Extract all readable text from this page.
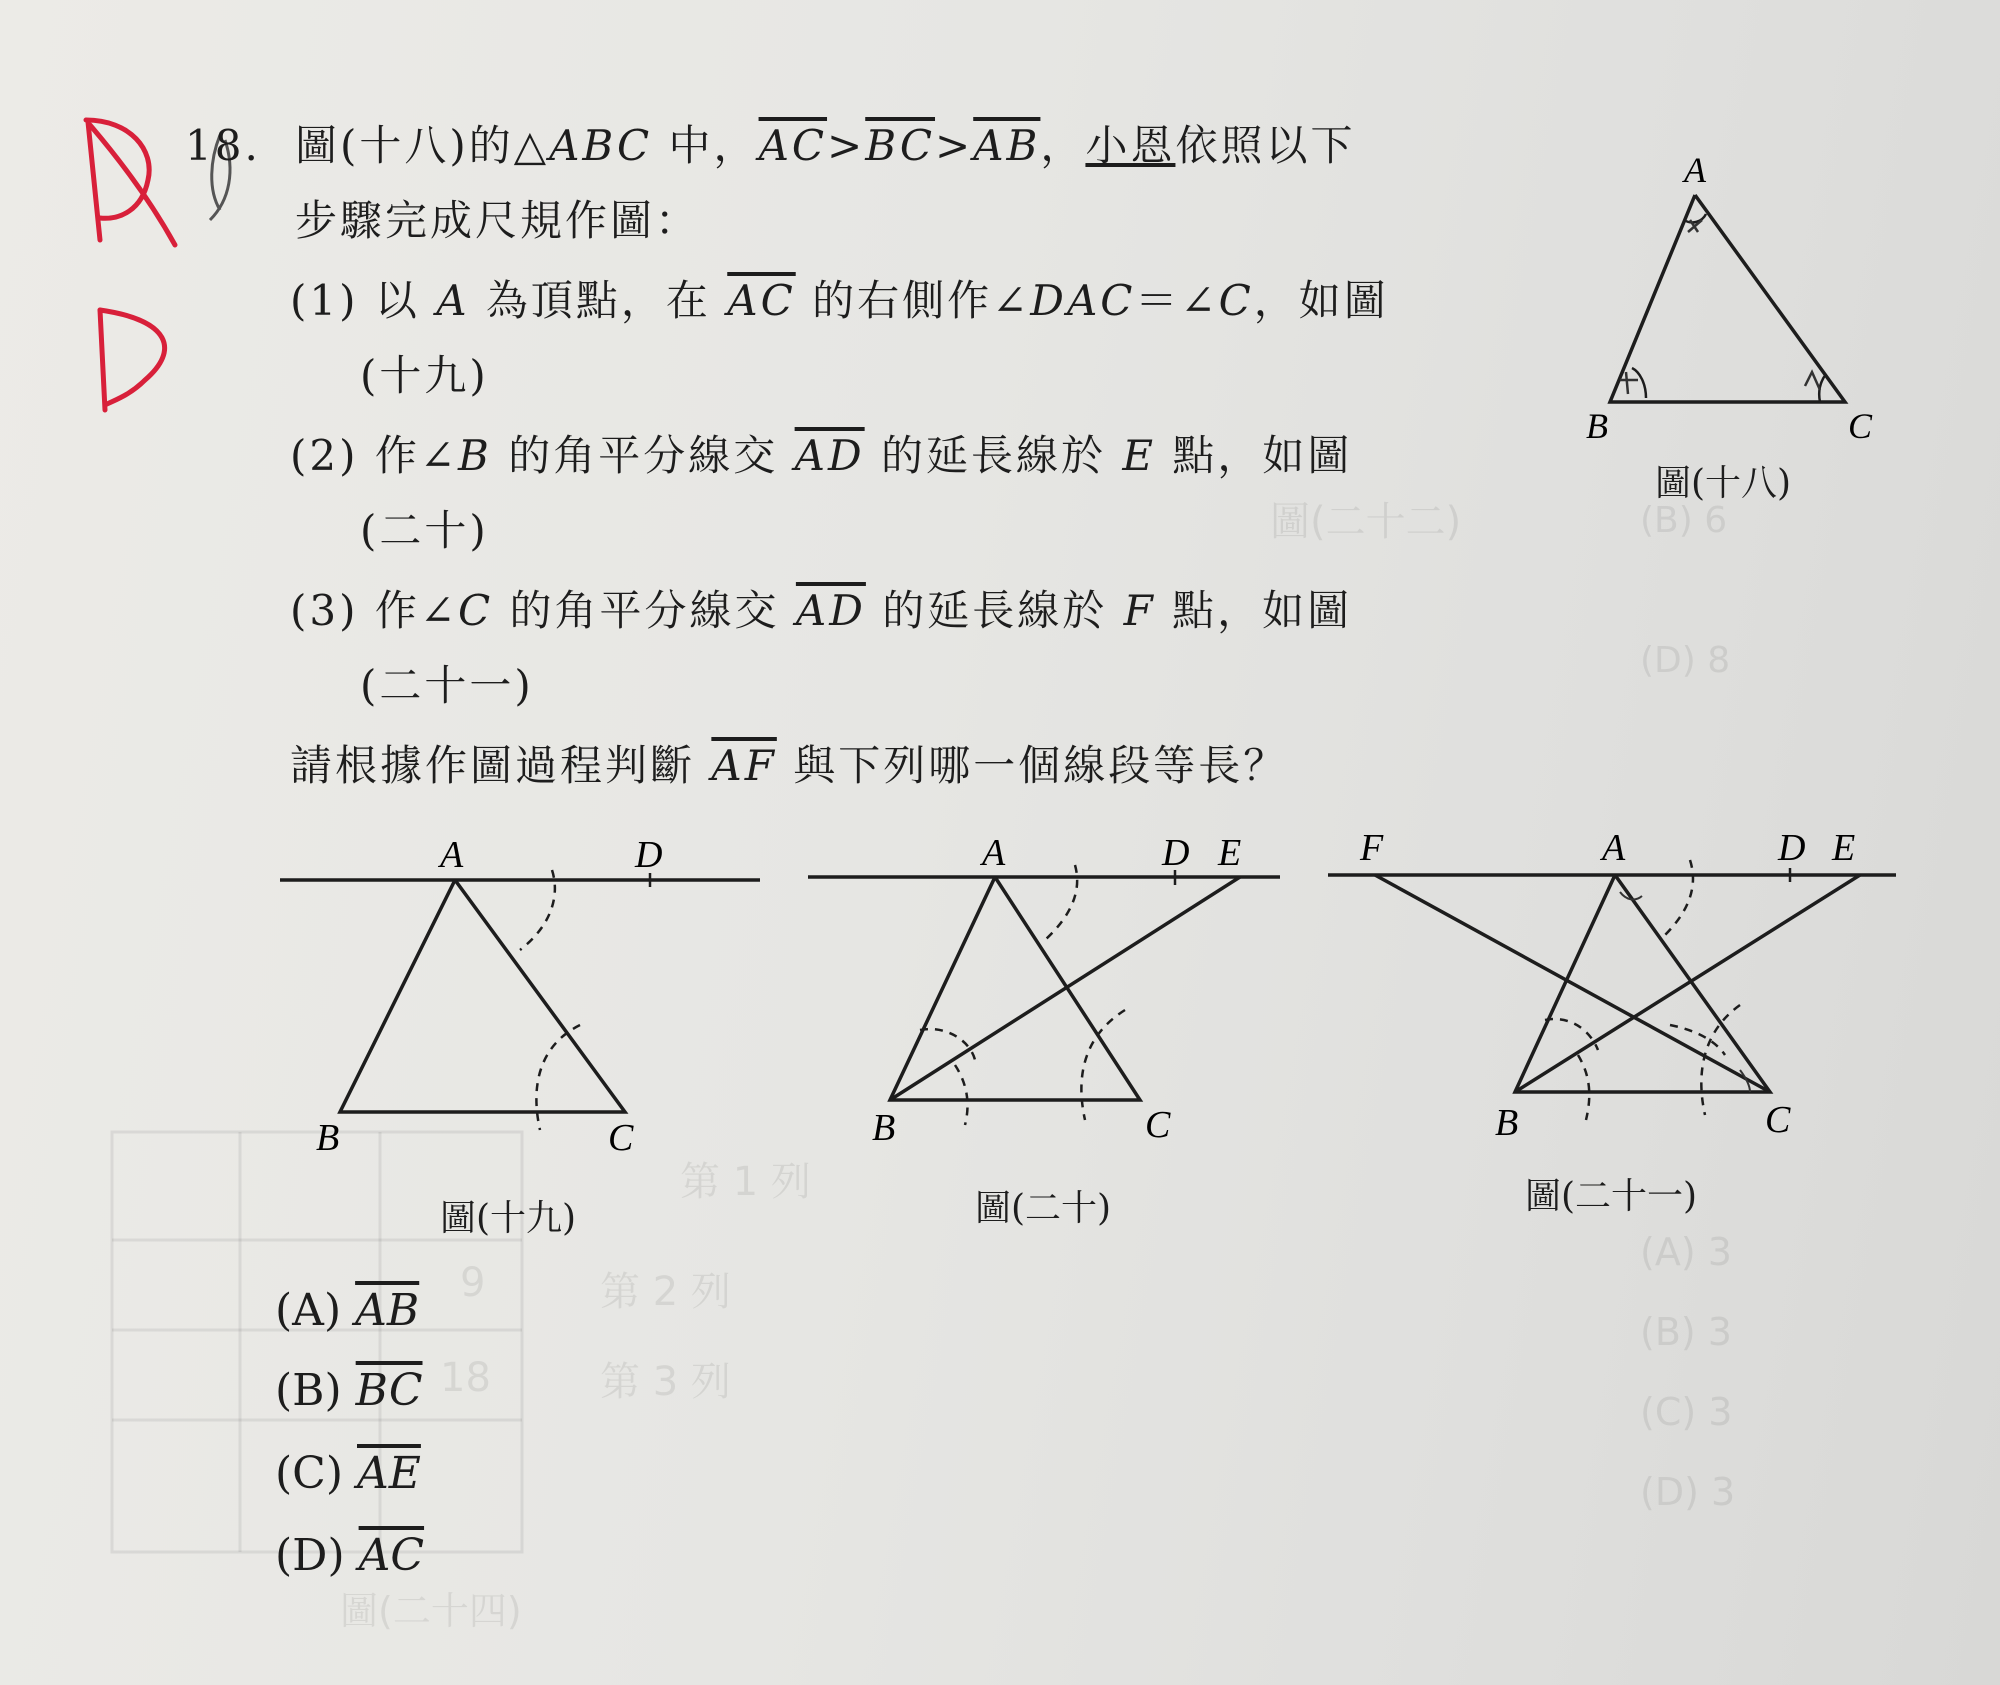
圖(二十二)	(B) 6
(D) 8
第 1 列
第 2 列
第 3 列
(A) 3
(B) 3
(C) 3
(D) 3
圖(二十四)
9
18
18. 圖(十八)的△ABC 中，$\overline{AC}>\overline{BC}>\overline{AB}$，小恩依照以下
步驟完成尺規作圖：
(1) 以 A 為頂點，在 $\overline{AC}$ 的右側作∠DAC＝∠C，如圖
(十九)
(2) 作∠B 的角平分線交 $\overline{AD}$ 的延長線於 E 點，如圖
(二十)
(3) 作∠C 的角平分線交 $\overline{AD}$ 的延長線於 F 點，如圖
(二十一)
請根據作圖過程判斷 $\overline{AF}$ 與下列哪一個線段等長？
A
B	C
圖(十八)
A	D
B	C
圖(十九)
A	D E
B	C
圖(二十)
F	A	D E
B	C
圖(二十一)
(A) $\overline{AB}$
(B) $\overline{BC}$
(C) $\overline{AE}$
(D) $\overline{AC}$
